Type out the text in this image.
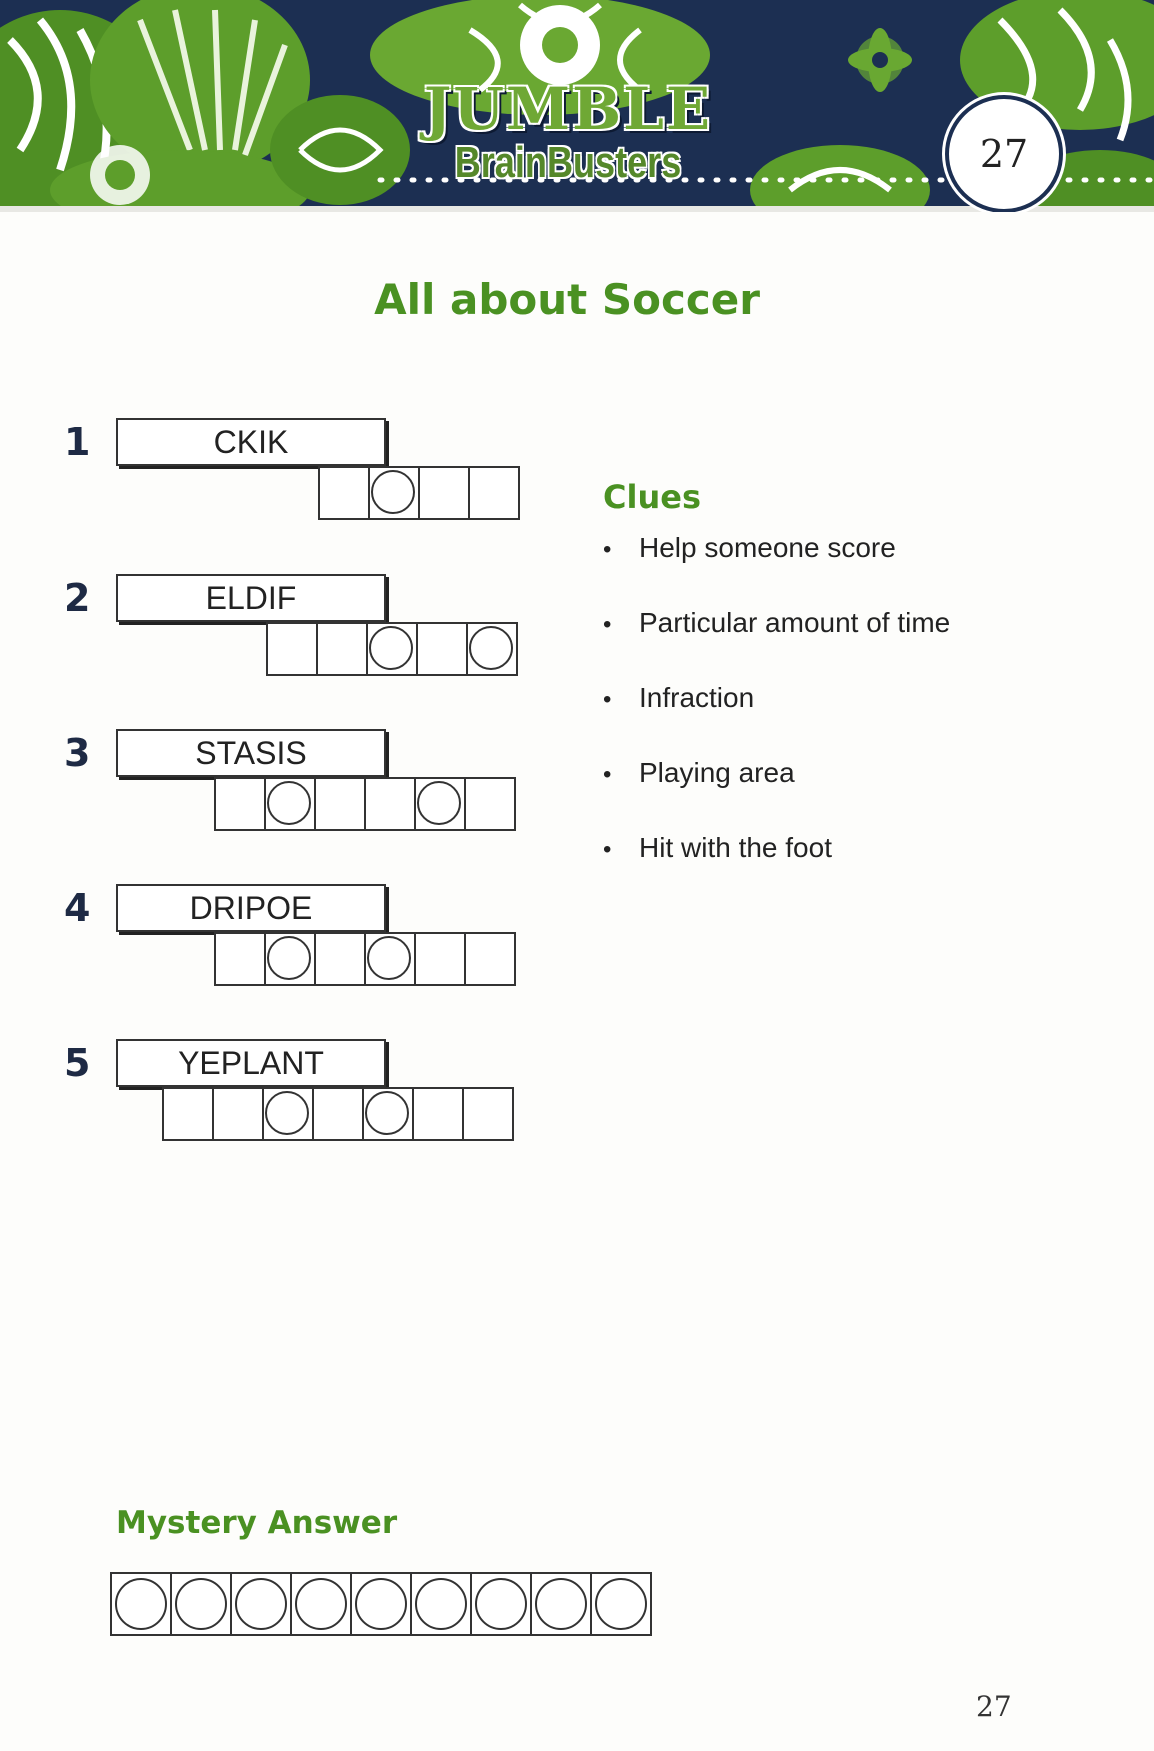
JUMBLE
BrainBusters	27
All about Soccer
1	CKIK
2	ELDIF
3	STASIS
4	DRIPOE
5	YEPLANT
Clues
• Help someone score
• Particular amount of time
• Infraction
• Playing area
• Hit with the foot
Mystery Answer
27
